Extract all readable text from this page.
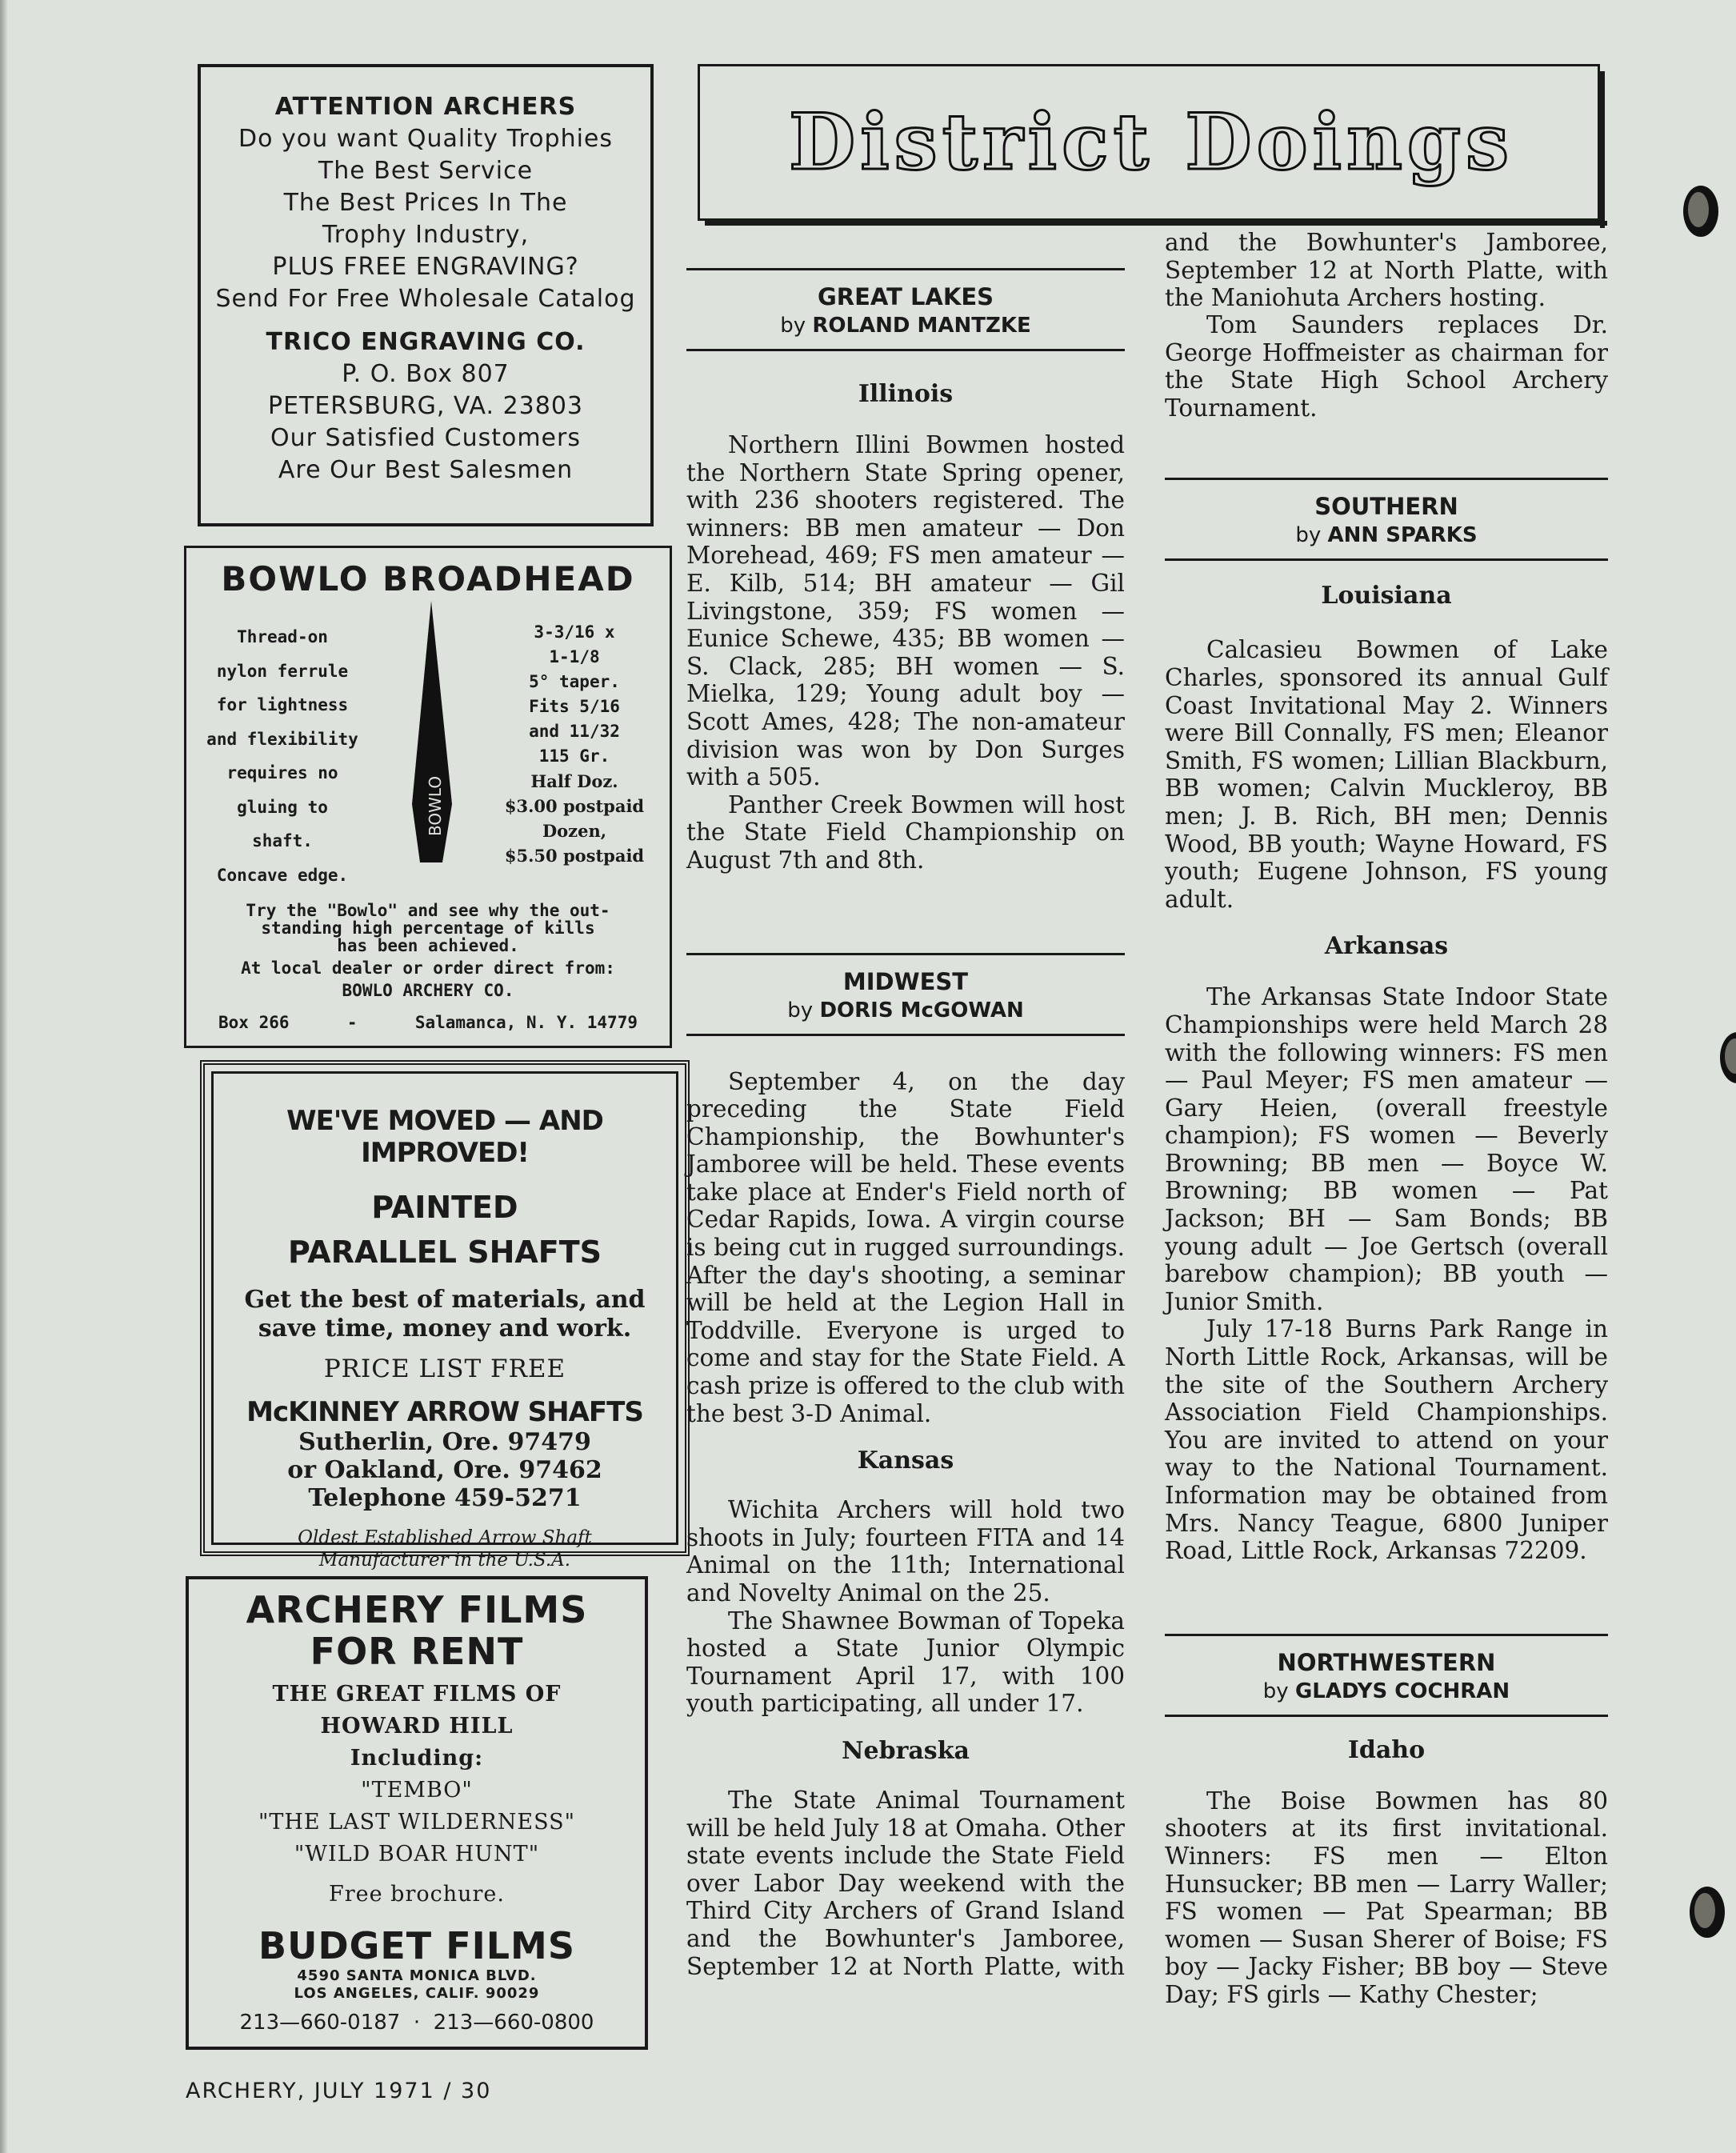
ATTENTION ARCHERS
Do you want Quality Trophies
The Best Service
The Best Prices In The
Trophy Industry,
PLUS FREE ENGRAVING?
Send For Free Wholesale Catalog
TRICO ENGRAVING CO.
P. O. Box 807
PETERSBURG, VA. 23803
Our Satisfied Customers
Are Our Best Salesmen
BOWLO BROADHEAD
Thread-on
nylon ferrule
for lightness
and flexibility
requires no
gluing to
shaft.
Concave edge.
BOWLO
3-3/16 x
1-1/8
5° taper.
Fits 5/16
and 11/32
115 Gr.
Half Doz.
$3.00 postpaid
Dozen,
$5.50 postpaid
Try the "Bowlo" and see why the out-
standing high percentage of kills
has been achieved.
At local dealer or order direct from:
BOWLO ARCHERY CO.
Box 266	-	Salamanca, N. Y. 14779
WE'VE MOVED — AND IMPROVED!
PAINTED
PARALLEL SHAFTS
Get the best of materials, and
save time, money and work.
PRICE LIST FREE
McKINNEY ARROW SHAFTS
Sutherlin, Ore. 97479
or Oakland, Ore. 97462
Telephone 459-5271
Oldest Established Arrow Shaft
Manufacturer in the U.S.A.
ARCHERY FILMS
FOR RENT
THE GREAT FILMS OF
HOWARD HILL
Including:
"TEMBO"
"THE LAST WILDERNESS"
"WILD BOAR HUNT"
Free brochure.
BUDGET FILMS
4590 SANTA MONICA BLVD.
LOS ANGELES, CALIF. 90029
213—660-0187 · 213—660-0800
District Doings
GREAT LAKES
by ROLAND MANTZKE
Illinois

Northern Illini Bowmen hosted the Northern State Spring opener, with 236 shooters registered. The winners: BB men amateur — Don Morehead, 469; FS men amateur — E. Kilb, 514; BH amateur — Gil Livingstone, 359; FS women — Eunice Schewe, 435; BB women — S. Clack, 285; BH women — S. Mielka, 129; Young adult boy — Scott Ames, 428; The non-amateur division was won by Don Surges with a 505.

Panther Creek Bowmen will host the State Field Championship on August 7th and 8th.

MIDWEST
by DORIS McGOWAN

September 4, on the day preceding the State Field Championship, the Bowhunter's Jamboree will be held. These events take place at Ender's Field north of Cedar Rapids, Iowa. A virgin course is being cut in rugged surroundings. After the day's shooting, a seminar will be held at the Legion Hall in Toddville. Everyone is urged to come and stay for the State Field. A cash prize is offered to the club with the best 3-D Animal.

Kansas

Wichita Archers will hold two shoots in July; fourteen FITA and 14 Animal on the 11th; International and Novelty Animal on the 25.

The Shawnee Bowman of Topeka hosted a State Junior Olympic Tournament April 17, with 100 youth participating, all under 17.

Nebraska

The State Animal Tournament will be held July 18 at Omaha. Other state events include the State Field over Labor Day weekend with the Third City Archers of Grand Island and the Bowhunter's Jamboree, September 12 at North Platte, with

and the Bowhunter's Jamboree, September 12 at North Platte, with the Maniohuta Archers hosting.

Tom Saunders replaces Dr. George Hoffmeister as chairman for the State High School Archery Tournament.

SOUTHERN
by ANN SPARKS
Louisiana

Calcasieu Bowmen of Lake Charles, sponsored its annual Gulf Coast Invitational May 2. Winners were Bill Connally, FS men; Eleanor Smith, FS women; Lillian Blackburn, BB women; Calvin Muckleroy, BB men; J. B. Rich, BH men; Dennis Wood, BB youth; Wayne Howard, FS youth; Eugene Johnson, FS young adult.

Arkansas

The Arkansas State Indoor State Championships were held March 28 with the following winners: FS men — Paul Meyer; FS men amateur — Gary Heien, (overall freestyle champion); FS women — Beverly Browning; BB men — Boyce W. Browning; BB women — Pat Jackson; BH — Sam Bonds; BB young adult — Joe Gertsch (overall barebow champion); BB youth — Junior Smith.

July 17-18 Burns Park Range in North Little Rock, Arkansas, will be the site of the Southern Archery Association Field Championships. You are invited to attend on your way to the National Tournament. Information may be obtained from Mrs. Nancy Teague, 6800 Juniper Road, Little Rock, Arkansas 72209.

NORTHWESTERN
by GLADYS COCHRAN
Idaho

The Boise Bowmen has 80 shooters at its first invitational. Winners: FS men — Elton Hunsucker; BB men — Larry Waller; FS women — Pat Spearman; BB women — Susan Sherer of Boise; FS boy — Jacky Fisher; BB boy — Steve Day; FS girls — Kathy Chester;

ARCHERY, JULY 1971 / 30
